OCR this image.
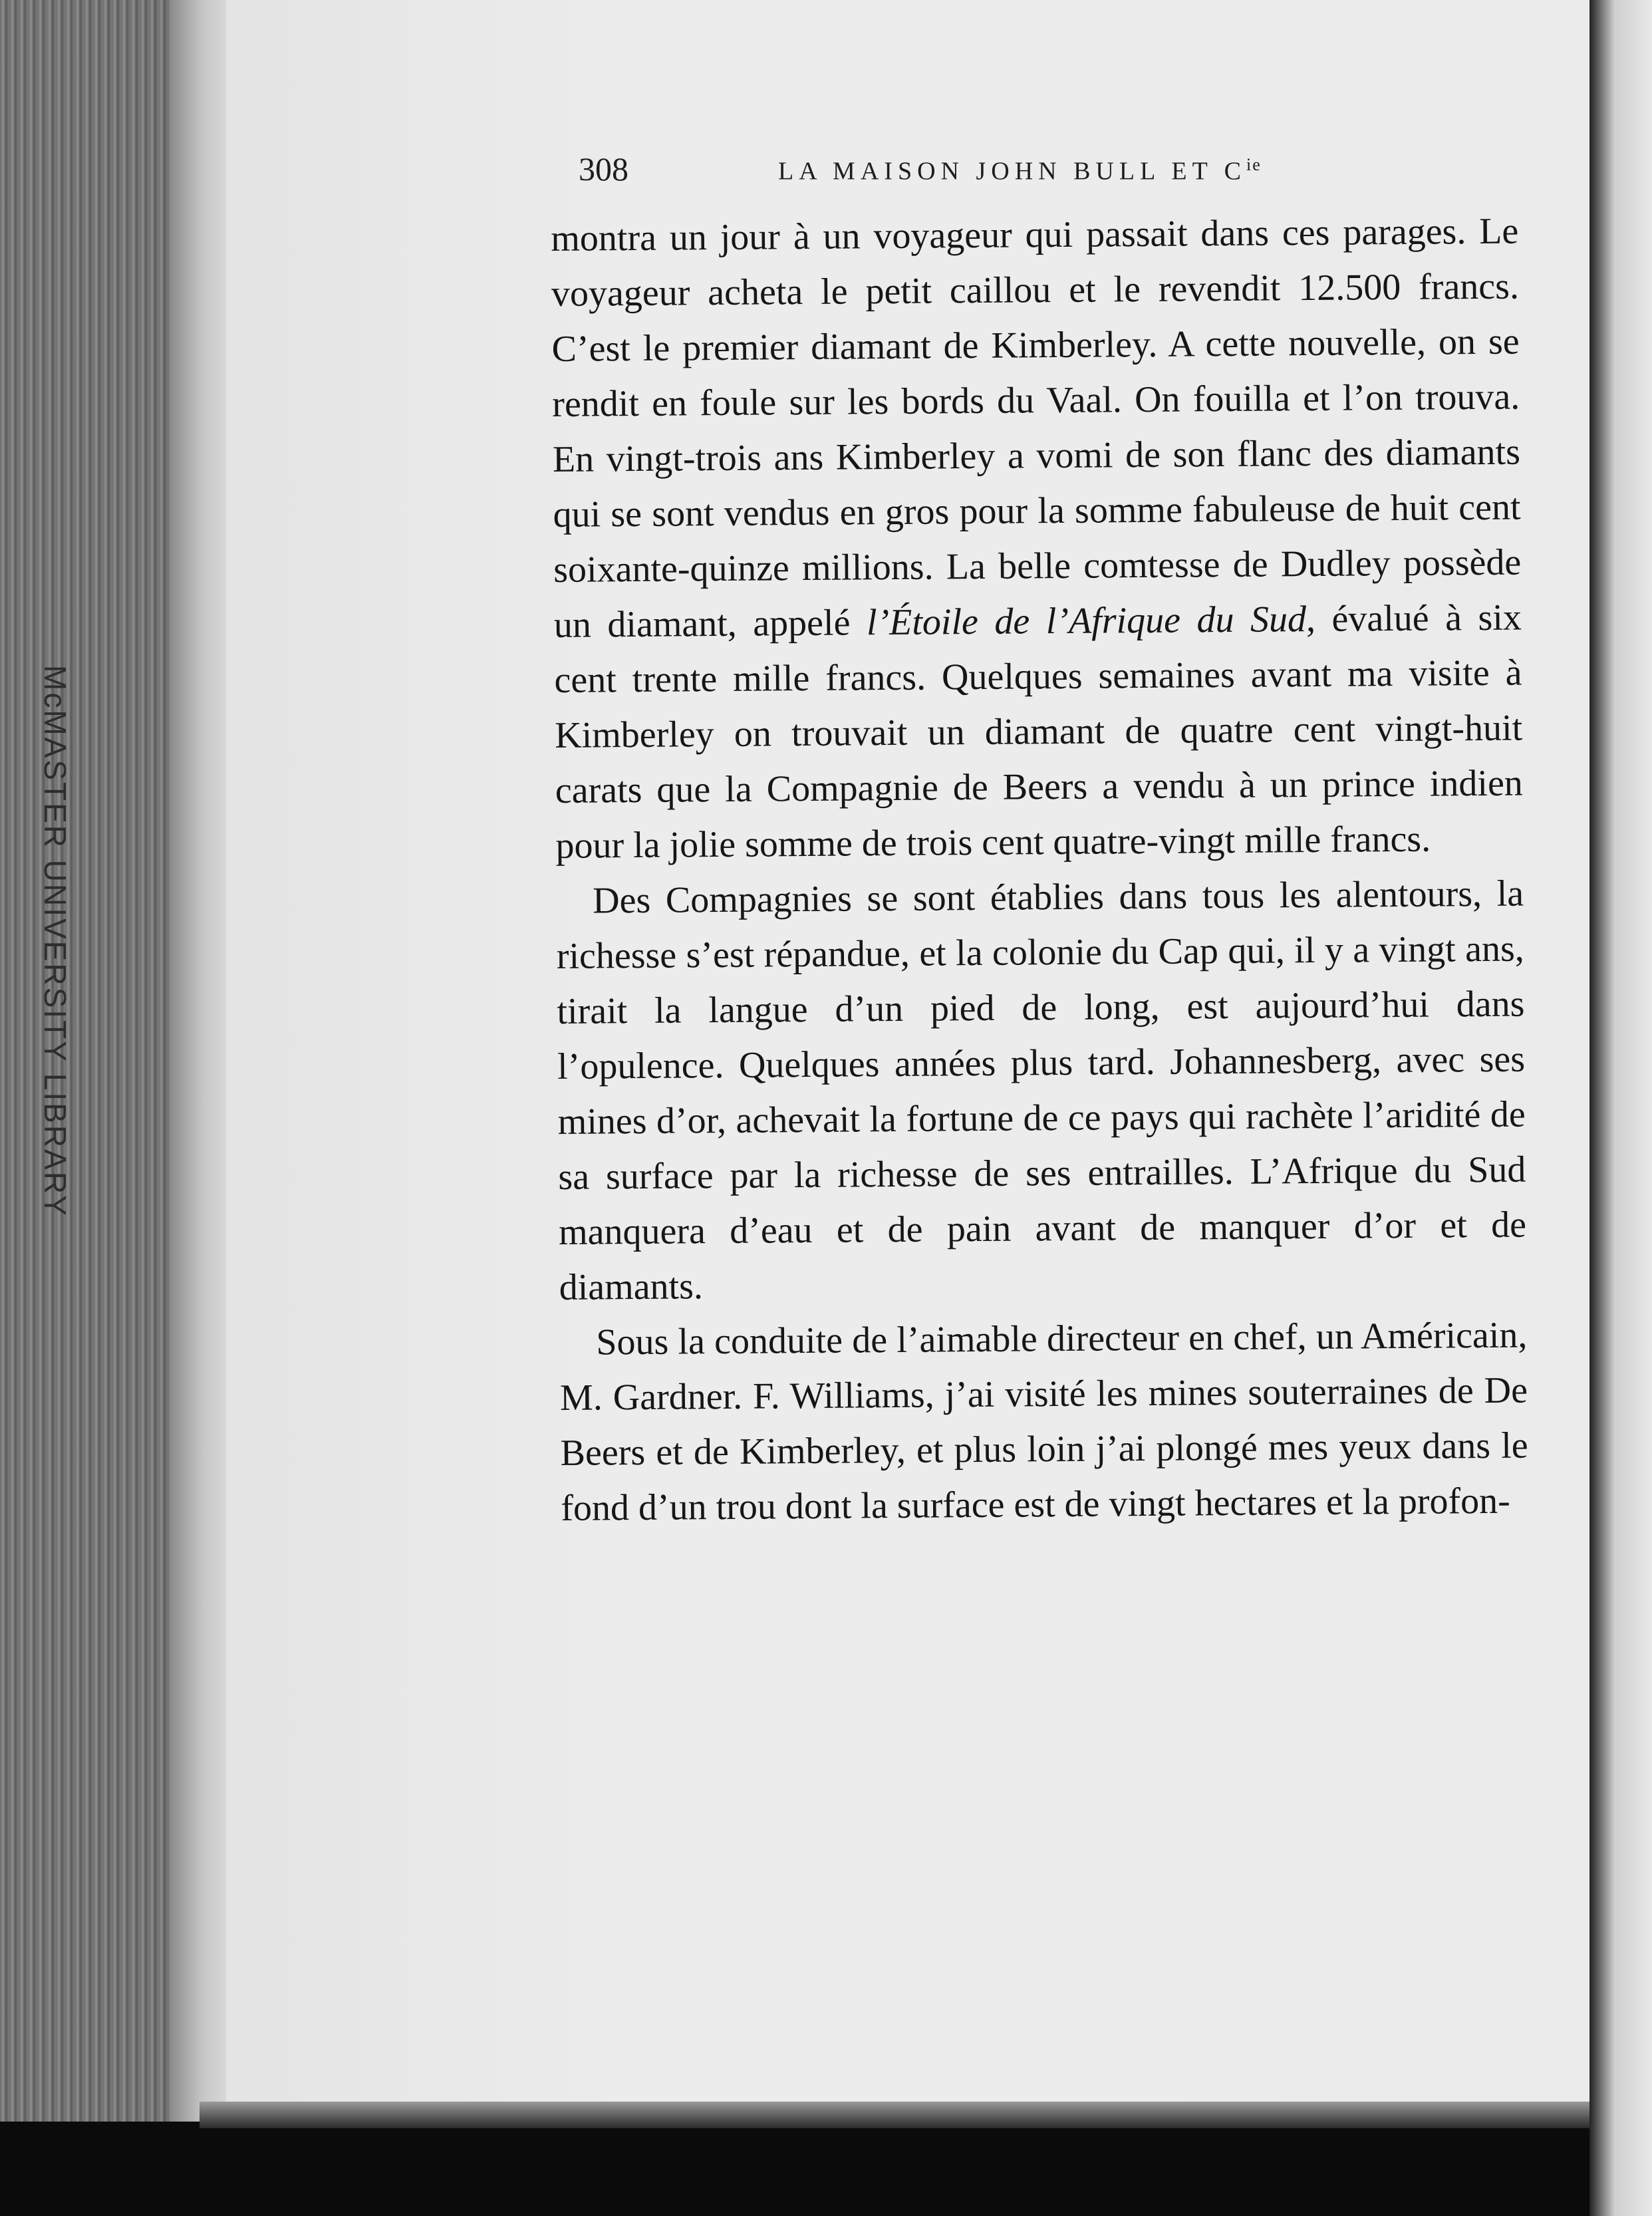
McMASTER UNIVERSITY LIBRARY
308	LA MAISON JOHN BULL ET $C^{ie}$

montra un jour à un voyageur qui passait dans ces parages. Le voyageur acheta le petit caillou et le revendit 12.500 francs. C’est le premier diamant de Kimberley. A cette nouvelle, on se rendit en foule sur les bords du Vaal. On fouilla et l’on trouva. En vingt-trois ans Kimberley a vomi de son flanc des diamants qui se sont vendus en gros pour la somme fabuleuse de huit cent soixante-quinze millions. La belle comtesse de Dudley possède un diamant, appelé l’Étoile de l’Afrique du Sud, évalué à six cent trente mille francs. Quelques semaines avant ma visite à Kimberley on trouvait un diamant de quatre cent vingt-huit carats que la Compagnie de Beers a vendu à un prince indien pour la jolie somme de trois cent quatre-vingt mille francs.

Des Compagnies se sont établies dans tous les alentours, la richesse s’est répandue, et la colonie du Cap qui, il y a vingt ans, tirait la langue d’un pied de long, est aujourd’hui dans l’opulence. Quelques années plus tard. Johannesberg, avec ses mines d’or, achevait la fortune de ce pays qui rachète l’aridité de sa surface par la richesse de ses entrailles. L’Afrique du Sud manquera d’eau et de pain avant de manquer d’or et de diamants.

Sous la conduite de l’aimable directeur en chef, un Américain, M. Gardner. F. Williams, j’ai visité les mines souterraines de De Beers et de Kimberley, et plus loin j’ai plongé mes yeux dans le fond d’un trou dont la surface est de vingt hectares et la profon-
